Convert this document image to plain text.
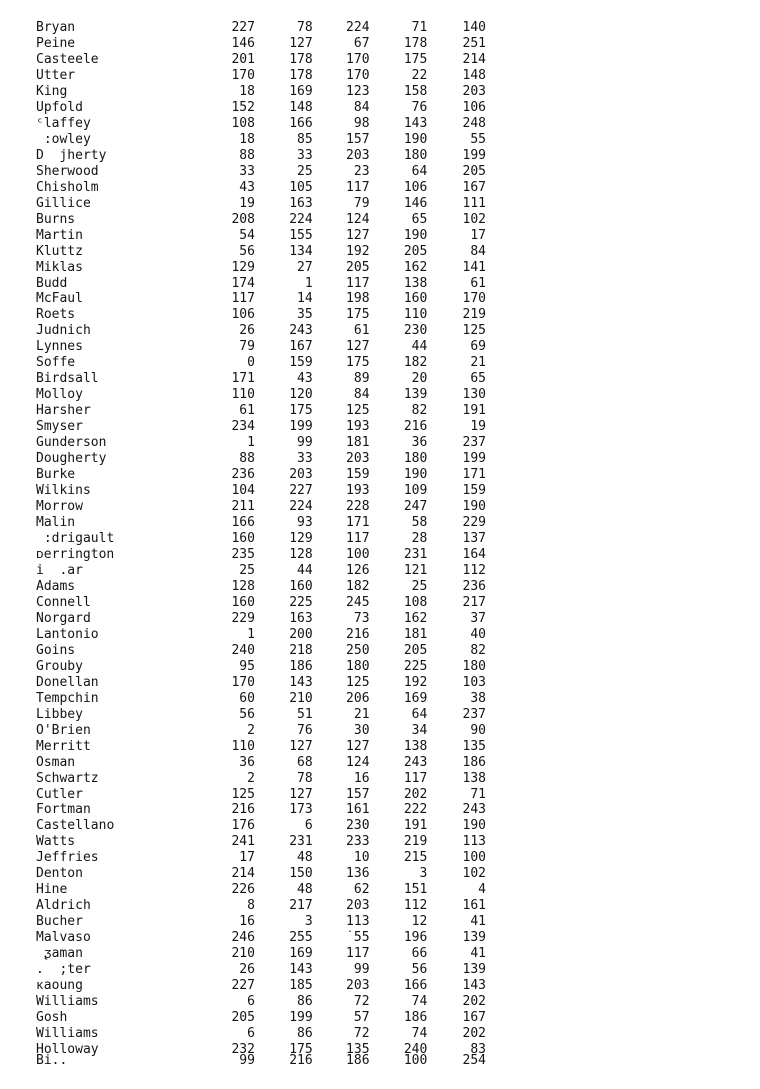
Bryan	227	78	224	71	140
Peine	146	127	67	178	251
Casteele	201	178	170	175	214
Utter	170	178	170	22	148
King	18	169	123	158	203
Upfold	152	148	84	76	106
ᶜlaffey	108	166	98	143	248
:owley	18	85	157	190	55
D  jherty	88	33	203	180	199
Sherwood	33	25	23	64	205
Chisholm	43	105	117	106	167
Gillice	19	163	79	146	111
Burns	208	224	124	65	102
Martin	54	155	127	190	17
Kluttz	56	134	192	205	84
Miklas	129	27	205	162	141
Budd	174	1	117	138	61
McFaul	117	14	198	160	170
Roets	106	35	175	110	219
Judnich	26	243	61	230	125
Lynnes	79	167	127	44	69
Soffe	0	159	175	182	21
Birdsall	171	43	89	20	65
Molloy	110	120	84	139	130
Harsher	61	175	125	82	191
Smyser	234	199	193	216	19
Gunderson	1	99	181	36	237
Dougherty	88	33	203	180	199
Burke	236	203	159	190	171
Wilkins	104	227	193	109	159
Morrow	211	224	228	247	190
Malin	166	93	171	58	229
:drigault	160	129	117	28	137
ᴅerrington	235	128	100	231	164
i  .ar	25	44	126	121	112
Adams	128	160	182	25	236
Connell	160	225	245	108	217
Norgard	229	163	73	162	37
Lantonio	1	200	216	181	40
Goins	240	218	250	205	82
Grouby	95	186	180	225	180
Donellan	170	143	125	192	103
Tempchin	60	210	206	169	38
Libbey	56	51	21	64	237
O'Brien	2	76	30	34	90
Merritt	110	127	127	138	135
Osman	36	68	124	243	186
Schwartz	2	78	16	117	138
Cutler	125	127	157	202	71
Fortman	216	173	161	222	243
Castellano	176	6	230	191	190
Watts	241	231	233	219	113
Jeffries	17	48	10	215	100
Denton	214	150	136	3	102
Hine	226	48	62	151	4
Aldrich	8	217	203	112	161
Bucher	16	3	113	12	41
Malvaso	246	255	˙55	196	139
ᶚaman	210	169	117	66	41
.  ;ter	26	143	99	56	139
ᴋaoung	227	185	203	166	143
Williams	6	86	72	74	202
Gosh	205	199	57	186	167
Williams	6	86	72	74	202
Holloway	232	175	135	240	83
Bi..	99	216	186	100	254
